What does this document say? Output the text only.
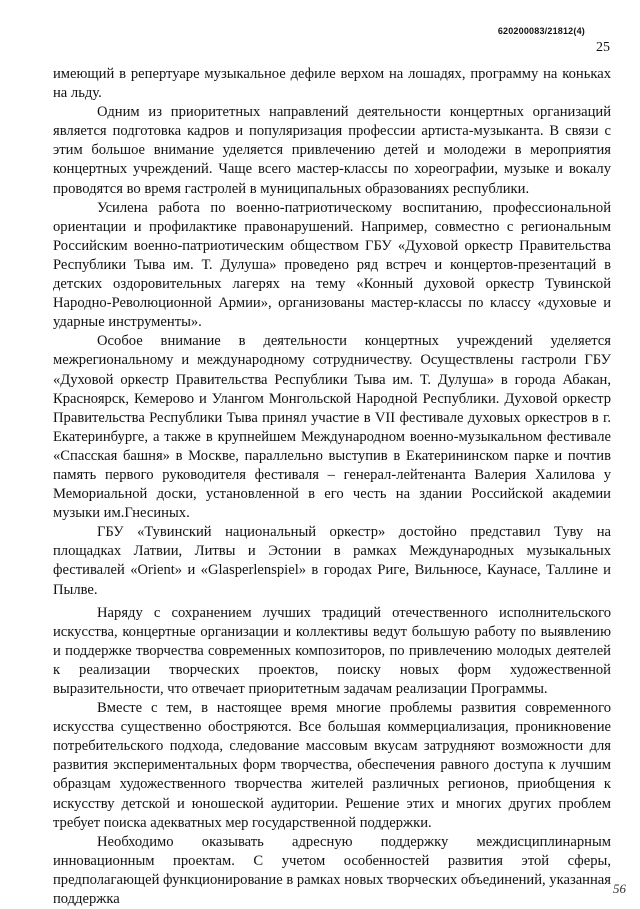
620200083/21812(4)
25

имеющий в репертуаре музыкальное дефиле верхом на лошадях, программу на коньках на льду.

Одним из приоритетных направлений деятельности концертных организаций является подготовка кадров и популяризация профессии артиста-музыканта. В связи с этим большое внимание уделяется привлечению детей и молодежи в мероприятия концертных учреждений. Чаще всего мастер-классы по хореографии, музыке и вокалу проводятся во время гастролей в муниципальных образованиях республики.

Усилена работа по военно-патриотическому воспитанию, профессиональной ориентации и профилактике правонарушений. Например, совместно с региональным Российским военно-патриотическим обществом ГБУ «Духовой оркестр Правительства Республики Тыва им. Т. Дулуша» проведено ряд встреч и концертов-презентаций в детских оздоровительных лагерях на тему «Конный духовой оркестр Тувинской Народно-Революционной Армии», организованы мастер-классы по классу «духовые и ударные инструменты».

Особое внимание в деятельности концертных учреждений уделяется межрегиональному и международному сотрудничеству. Осуществлены гастроли ГБУ «Духовой оркестр Правительства Республики Тыва им. Т. Дулуша» в города Абакан, Красноярск, Кемерово и Улангом Монгольской Народной Республики. Духовой оркестр Правительства Республики Тыва принял участие в VII фестивале духовых оркестров в г. Екатеринбурге, а также в крупнейшем Международном военно-музыкальном фестивале «Спасская башня» в Москве, параллельно выступив в Екатерининском парке и почтив память первого руководителя фестиваля – генерал-лейтенанта Валерия Халилова у Мемориальной доски, установленной в его честь на здании Российской академии музыки им.Гнесиных.

ГБУ «Тувинский национальный оркестр» достойно представил Туву на площадках Латвии, Литвы и Эстонии в рамках Международных музыкальных фестивалей «Orient» и «Glasperlenspiel» в городах Риге, Вильнюсе, Каунасе, Таллине и Пылве.

Наряду с сохранением лучших традиций отечественного исполнительского искусства, концертные организации и коллективы ведут большую работу по выявлению и поддержке творчества современных композиторов, по привлечению молодых деятелей к реализации творческих проектов, поиску новых форм художественной выразительности, что отвечает приоритетным задачам реализации Программы.

Вместе с тем, в настоящее время многие проблемы развития современного искусства существенно обостряются. Все большая коммерциализация, проникновение потребительского подхода, следование массовым вкусам затрудняют возможности для развития экспериментальных форм творчества, обеспечения равного доступа к лучшим образцам художественного творчества жителей различных регионов, приобщения к искусству детской и юношеской аудитории. Решение этих и многих других проблем требует поиска адекватных мер государственной поддержки.

Необходимо оказывать адресную поддержку междисциплинарным инновационным проектам. С учетом особенностей развития этой сферы, предполагающей функционирование в рамках новых творческих объединений, указанная поддержка

56
